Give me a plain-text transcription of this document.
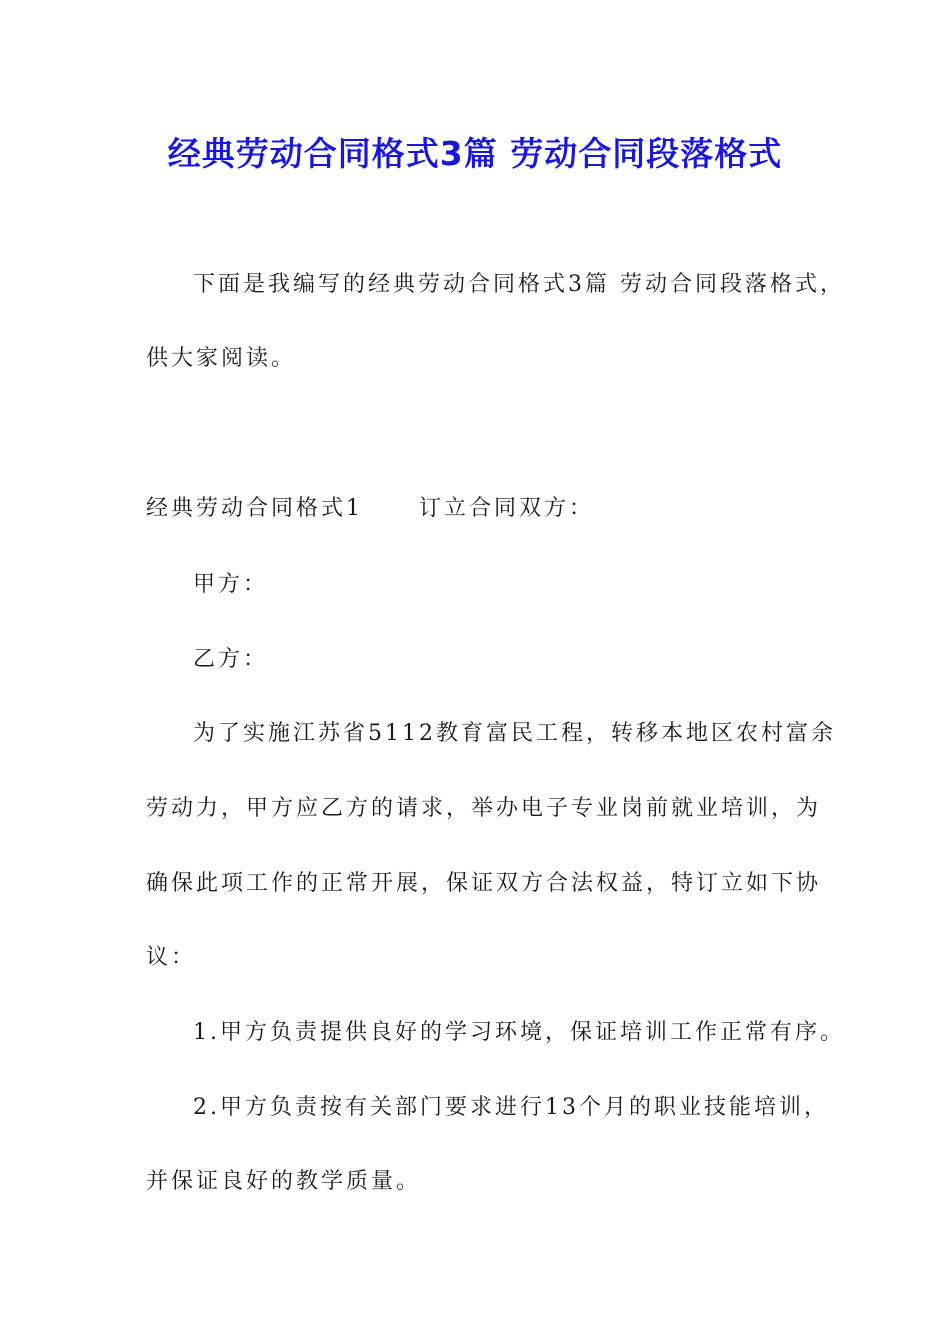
经典劳动合同格式3篇 劳动合同段落格式
下面是我编写的经典劳动合同格式3篇 劳动合同段落格式，
供大家阅读。
经典劳动合同格式1	订立合同双方：
甲方：
乙方：
为了实施江苏省5112教育富民工程，转移本地区农村富余
劳动力，甲方应乙方的请求，举办电子专业岗前就业培训，为
确保此项工作的正常开展，保证双方合法权益，特订立如下协
议：
1.甲方负责提供良好的学习环境，保证培训工作正常有序。
2.甲方负责按有关部门要求进行13个月的职业技能培训，
并保证良好的教学质量。
